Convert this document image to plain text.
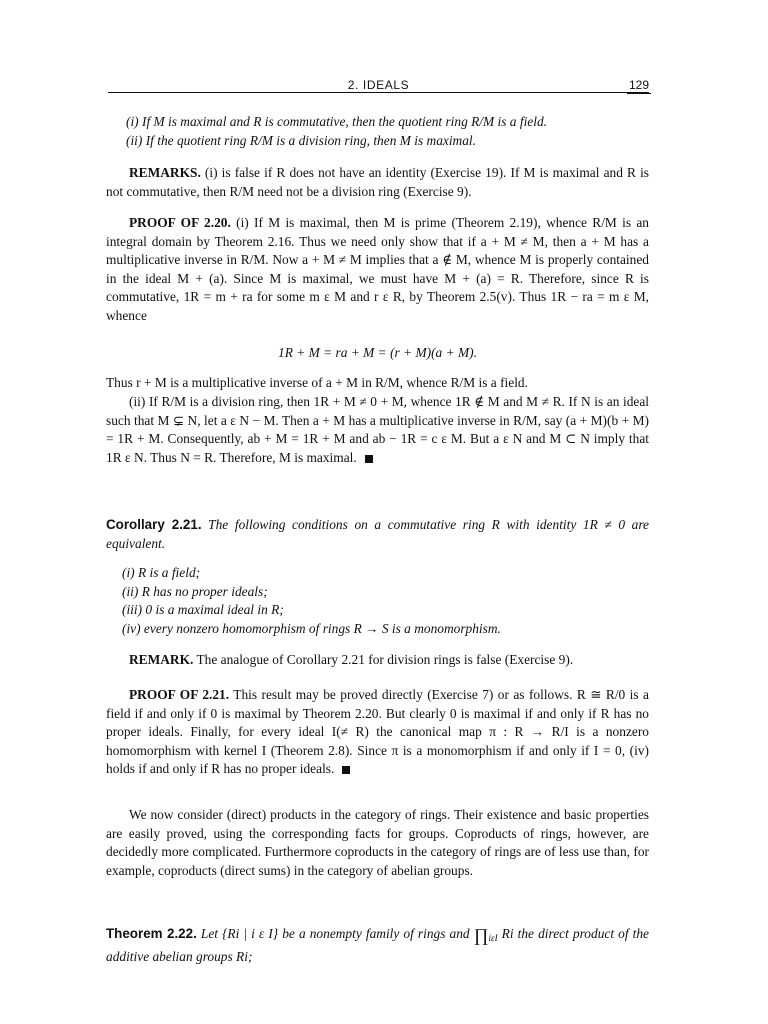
2. IDEALS	129
(i) If M is maximal and R is commutative, then the quotient ring R/M is a field.
(ii) If the quotient ring R/M is a division ring, then M is maximal.

REMARKS. (i) is false if R does not have an identity (Exercise 19). If M is maximal and R is not commutative, then R/M need not be a division ring (Exercise 9).

PROOF OF 2.20. (i) If M is maximal, then M is prime (Theorem 2.19), whence R/M is an integral domain by Theorem 2.16. Thus we need only show that if a + M ≠ M, then a + M has a multiplicative inverse in R/M. Now a + M ≠ M implies that a ∉ M, whence M is properly contained in the ideal M + (a). Since M is maximal, we must have M + (a) = R. Therefore, since R is commutative, 1R = m + ra for some m ε M and r ε R, by Theorem 2.5(v). Thus 1R − ra = m ε M, whence

1R + M = ra + M = (r + M)(a + M).

Thus r + M is a multiplicative inverse of a + M in R/M, whence R/M is a field.

(ii) If R/M is a division ring, then 1R + M ≠ 0 + M, whence 1R ∉ M and M ≠ R. If N is an ideal such that M ⊊ N, let a ε N − M. Then a + M has a multiplicative inverse in R/M, say (a + M)(b + M) = 1R + M. Consequently, ab + M = 1R + M and ab − 1R = c ε M. But a ε N and M ⊂ N imply that 1R ε N. Thus N = R. Therefore, M is maximal.

Corollary 2.21. The following conditions on a commutative ring R with identity 1R ≠ 0 are equivalent.

(i) R is a field;
(ii) R has no proper ideals;
(iii) 0 is a maximal ideal in R;
(iv) every nonzero homomorphism of rings R → S is a monomorphism.

REMARK. The analogue of Corollary 2.21 for division rings is false (Exercise 9).

PROOF OF 2.21. This result may be proved directly (Exercise 7) or as follows. R ≅ R/0 is a field if and only if 0 is maximal by Theorem 2.20. But clearly 0 is maximal if and only if R has no proper ideals. Finally, for every ideal I(≠ R) the canonical map π : R → R/I is a nonzero homomorphism with kernel I (Theorem 2.8). Since π is a monomorphism if and only if I = 0, (iv) holds if and only if R has no proper ideals.

We now consider (direct) products in the category of rings. Their existence and basic properties are easily proved, using the corresponding facts for groups. Coproducts of rings, however, are decidedly more complicated. Furthermore coproducts in the category of rings are of less use than, for example, coproducts (direct sums) in the category of abelian groups.

Theorem 2.22. Let {Ri | i ε I} be a nonempty family of rings and $\prod_{i\varepsilon I}$ Ri the direct product of the additive abelian groups Ri;
